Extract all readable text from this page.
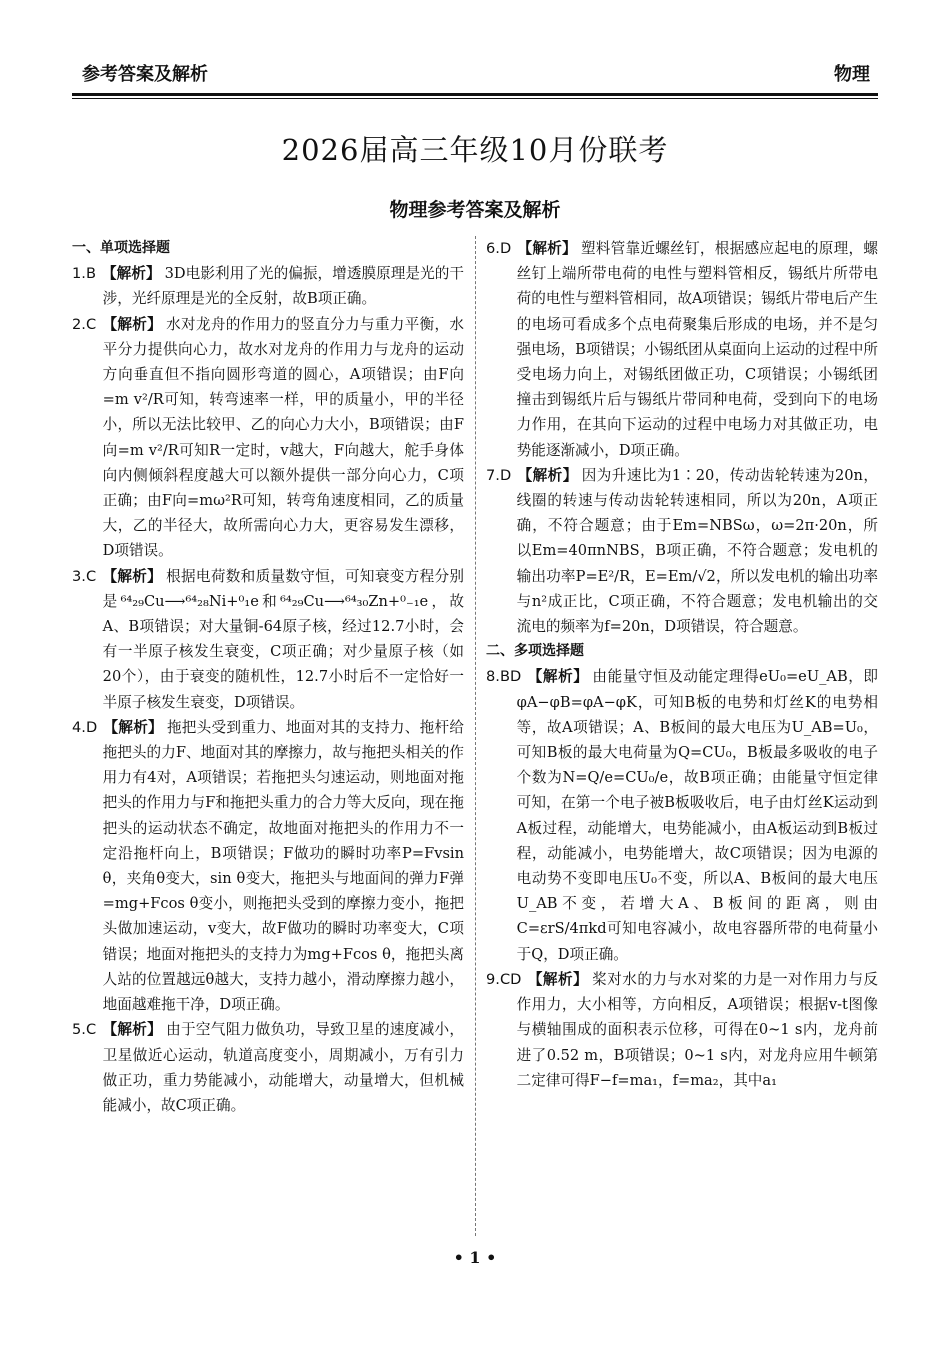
参考答案及解析	物理
2026届高三年级10月份联考
物理参考答案及解析
一、单项选择题

1.B 【解析】 3D电影利用了光的偏振，增透膜原理是光的干涉，光纤原理是光的全反射，故B项正确。

2.C 【解析】 水对龙舟的作用力的竖直分力与重力平衡，水平分力提供向心力，故水对龙舟的作用力与龙舟的运动方向垂直但不指向圆形弯道的圆心，A项错误；由F向=m v²/R可知，转弯速率一样，甲的质量小，甲的半径小，所以无法比较甲、乙的向心力大小，B项错误；由F向=m v²/R可知R一定时，v越大，F向越大，舵手身体向内侧倾斜程度越大可以额外提供一部分向心力，C项正确；由F向=mω²R可知，转弯角速度相同，乙的质量大，乙的半径大，故所需向心力大，更容易发生漂移，D项错误。

3.C 【解析】 根据电荷数和质量数守恒，可知衰变方程分别是⁶⁴₂₉Cu⟶⁶⁴₂₈Ni+⁰₁e和⁶⁴₂₉Cu⟶⁶⁴₃₀Zn+⁰₋₁e，故A、B项错误；对大量铜-64原子核，经过12.7小时，会有一半原子核发生衰变，C项正确；对少量原子核（如20个），由于衰变的随机性，12.7小时后不一定恰好一半原子核发生衰变，D项错误。

4.D 【解析】 拖把头受到重力、地面对其的支持力、拖杆给拖把头的力F、地面对其的摩擦力，故与拖把头相关的作用力有4对，A项错误；若拖把头匀速运动，则地面对拖把头的作用力与F和拖把头重力的合力等大反向，现在拖把头的运动状态不确定，故地面对拖把头的作用力不一定沿拖杆向上，B项错误；F做功的瞬时功率P=Fvsin θ，夹角θ变大，sin θ变大，拖把头与地面间的弹力F弹=mg+Fcos θ变小，则拖把头受到的摩擦力变小，拖把头做加速运动，v变大，故F做功的瞬时功率变大，C项错误；地面对拖把头的支持力为mg+Fcos θ，拖把头离人站的位置越远θ越大，支持力越小，滑动摩擦力越小，地面越难拖干净，D项正确。

5.C 【解析】 由于空气阻力做负功，导致卫星的速度减小，卫星做近心运动，轨道高度变小，周期减小，万有引力做正功，重力势能减小，动能增大，动量增大，但机械能减小，故C项正确。

6.D 【解析】 塑料管靠近螺丝钉，根据感应起电的原理，螺丝钉上端所带电荷的电性与塑料管相反，锡纸片所带电荷的电性与塑料管相同，故A项错误；锡纸片带电后产生的电场可看成多个点电荷聚集后形成的电场，并不是匀强电场，B项错误；小锡纸团从桌面向上运动的过程中所受电场力向上，对锡纸团做正功，C项错误；小锡纸团撞击到锡纸片后与锡纸片带同种电荷，受到向下的电场力作用，在其向下运动的过程中电场力对其做正功，电势能逐渐减小，D项正确。

7.D 【解析】 因为升速比为1∶20，传动齿轮转速为20n，线圈的转速与传动齿轮转速相同，所以为20n，A项正确，不符合题意；由于Em=NBSω，ω=2π·20n，所以Em=40πnNBS，B项正确，不符合题意；发电机的输出功率P=E²/R，E=Em/√2，所以发电机的输出功率与n²成正比，C项正确，不符合题意；发电机输出的交流电的频率为f=20n，D项错误，符合题意。

二、多项选择题

8.BD 【解析】 由能量守恒及动能定理得eU₀=eU_AB，即φA−φB=φA−φK，可知B板的电势和灯丝K的电势相等，故A项错误；A、B板间的最大电压为U_AB=U₀，可知B板的最大电荷量为Q=CU₀，B板最多吸收的电子个数为N=Q/e=CU₀/e，故B项正确；由能量守恒定律可知，在第一个电子被B板吸收后，电子由灯丝K运动到A板过程，动能增大，电势能减小，由A板运动到B板过程，动能减小，电势能增大，故C项错误；因为电源的电动势不变即电压U₀不变，所以A、B板间的最大电压U_AB不变，若增大A、B板间的距离，则由C=εrS/4πkd可知电容减小，故电容器所带的电荷量小于Q，D项正确。

9.CD 【解析】 桨对水的力与水对桨的力是一对作用力与反作用力，大小相等，方向相反，A项错误；根据v-t图像与横轴围成的面积表示位移，可得在0~1 s内，龙舟前进了0.52 m，B项错误；0~1 s内，对龙舟应用牛顿第二定律可得F−f=ma₁，f=ma₂，其中a₁

• 1 •
